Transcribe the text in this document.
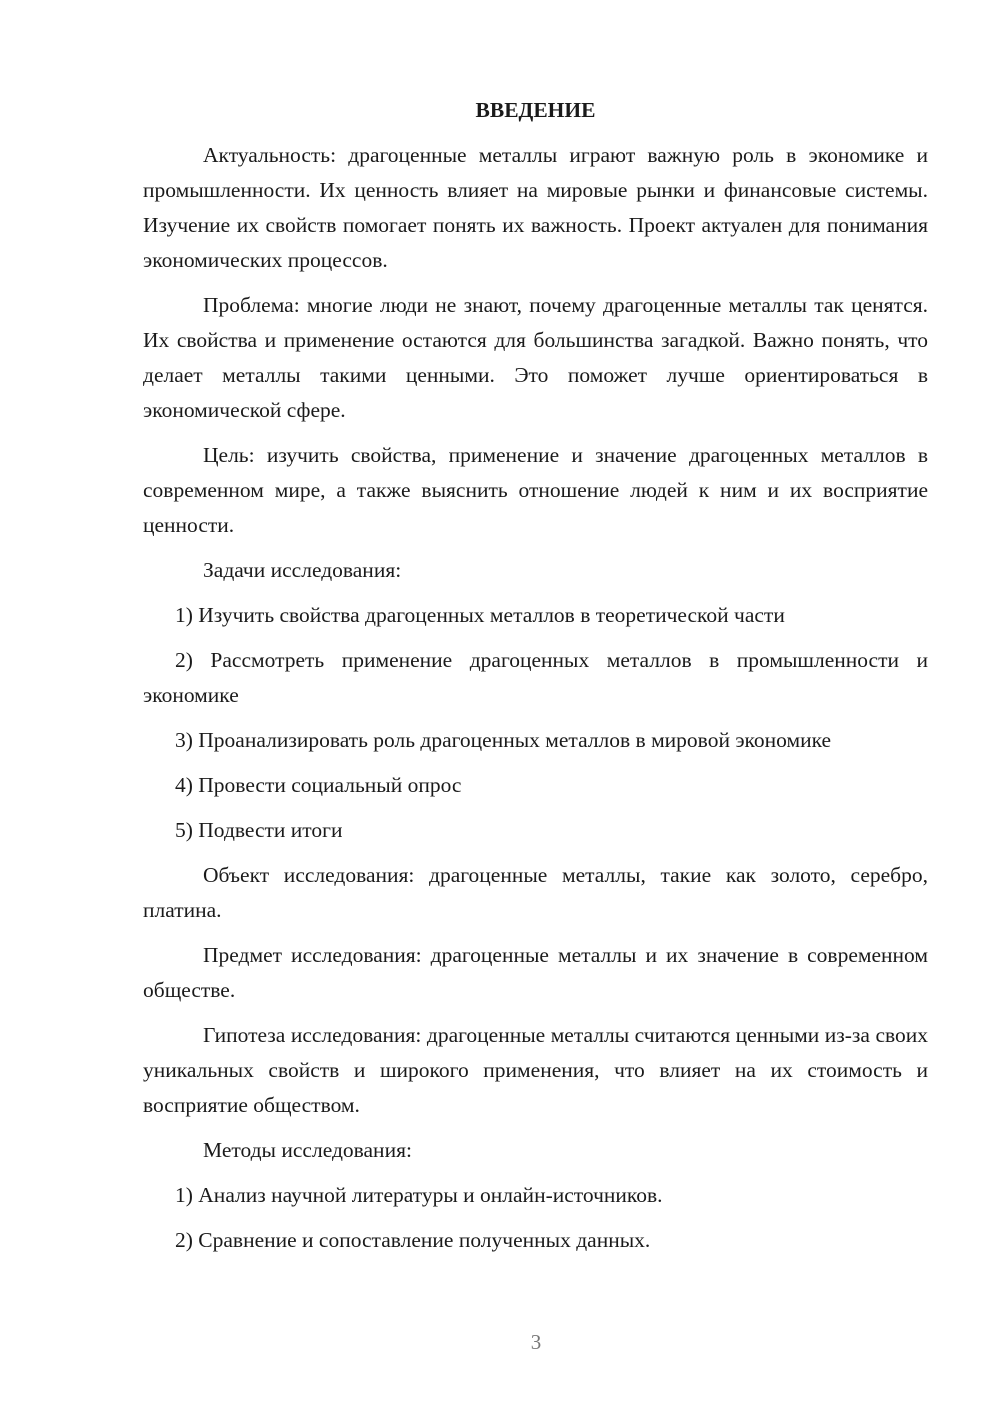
ВВЕДЕНИЕ

Актуальность: драгоценные металлы играют важную роль в экономике и промышленности. Их ценность влияет на мировые рынки и финансовые системы. Изучение их свойств помогает понять их важность. Проект актуален для понимания экономических процессов.

Проблема: многие люди не знают, почему драгоценные металлы так ценятся. Их свойства и применение остаются для большинства загадкой. Важно понять, что делает металлы такими ценными. Это поможет лучше ориентироваться в экономической сфере.

Цель: изучить свойства, применение и значение драгоценных металлов в современном мире, а также выяснить отношение людей к ним и их восприятие ценности.

Задачи исследования:

1) Изучить свойства драгоценных металлов в теоретической части

2) Рассмотреть применение драгоценных металлов в промышленности и экономике

3) Проанализировать роль драгоценных металлов в мировой экономике

4) Провести социальный опрос

5) Подвести итоги

Объект исследования: драгоценные металлы, такие как золото, серебро, платина.

Предмет исследования: драгоценные металлы и их значение в современном обществе.

Гипотеза исследования: драгоценные металлы считаются ценными из-за своих уникальных свойств и широкого применения, что влияет на их стоимость и восприятие обществом.

Методы исследования:

1) Анализ научной литературы и онлайн-источников.

2) Сравнение и сопоставление полученных данных.

3
